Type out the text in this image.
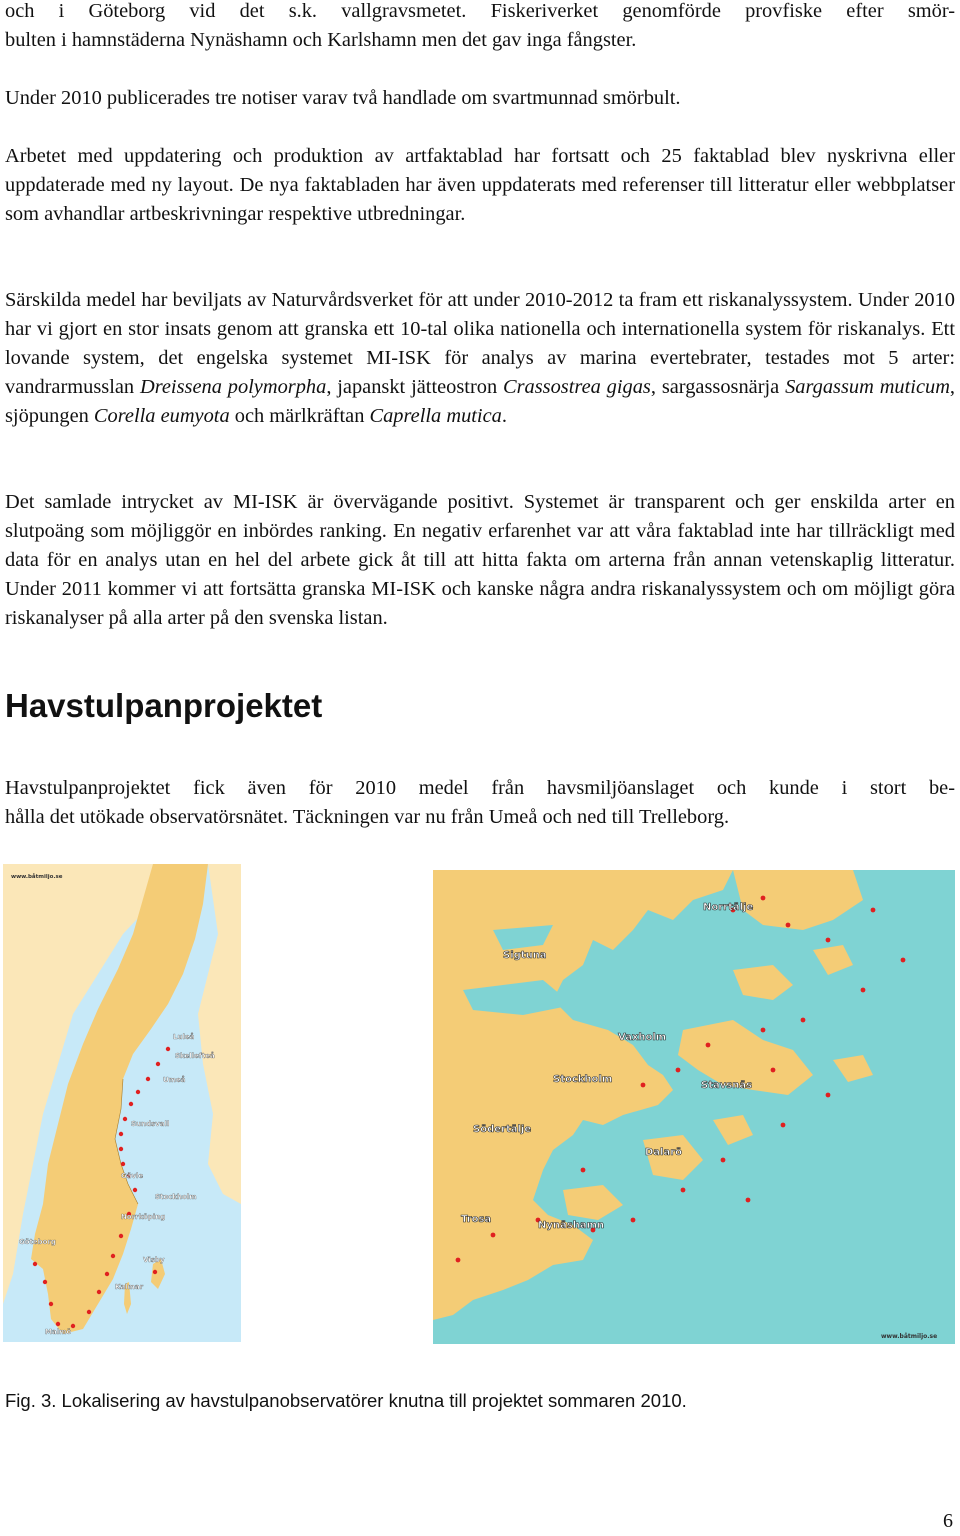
och i Göteborg vid det s.k. vallgravsmetet. Fiskeriverket genomförde provfiske efter smör-
bulten i hamnstäderna Nynäshamn och Karlshamn men det gav inga fångster.

Under 2010 publicerades tre notiser varav två handlade om svartmunnad smörbult.

Arbetet med uppdatering och produktion av artfaktablad har fortsatt och 25 faktablad blev nyskrivna eller uppdaterade med ny layout. De nya faktabladen har även uppdaterats med referenser till litteratur eller webbplatser som avhandlar artbeskrivningar respektive utbredningar.

Särskilda medel har beviljats av Naturvårdsverket för att under 2010-2012 ta fram ett riskanalyssystem. Under 2010 har vi gjort en stor insats genom att granska ett 10-tal olika nationella och internationella system för riskanalys. Ett lovande system, det engelska systemet MI-ISK för analys av marina evertebrater, testades mot 5 arter: vandrarmusslan Dreissena polymorpha, japanskt jätteostron Crassostrea gigas, sargassosnärja Sargassum muticum, sjöpungen Corella eumyota och märlkräftan Caprella mutica.

Det samlade intrycket av MI-ISK är övervägande positivt. Systemet är transparent och ger enskilda arter en slutpoäng som möjliggör en inbördes ranking. En negativ erfarenhet var att våra faktablad inte har tillräckligt med data för en analys utan en hel del arbete gick åt till att hitta fakta om arterna från annan vetenskaplig litteratur. Under 2011 kommer vi att fortsätta granska MI-ISK och kanske några andra riskanalyssystem och om möjligt göra riskanalyser på alla arter på den svenska listan.

Havstulpanprojektet
Havstulpanprojektet fick även för 2010 medel från havsmiljöanslaget och kunde i stort be-
hålla det utökade observatörsnätet. Täckningen var nu från Umeå och ned till Trelleborg.
www.båtmiljo.se
Luleå
Skellefteå
Umeå
Sundsvall
Gävle
Stockholm
Norrköping
Visby
Kalmar
Göteborg
Malmö
Norrtälje
Sigtuna
Vaxholm
Stockholm
Stavsnäs
Södertälje
Dalarö
Trosa
Nynäshamn
www.båtmiljo.se

Fig. 3. Lokalisering av havstulpanobservatörer knutna till projektet sommaren 2010.

6
